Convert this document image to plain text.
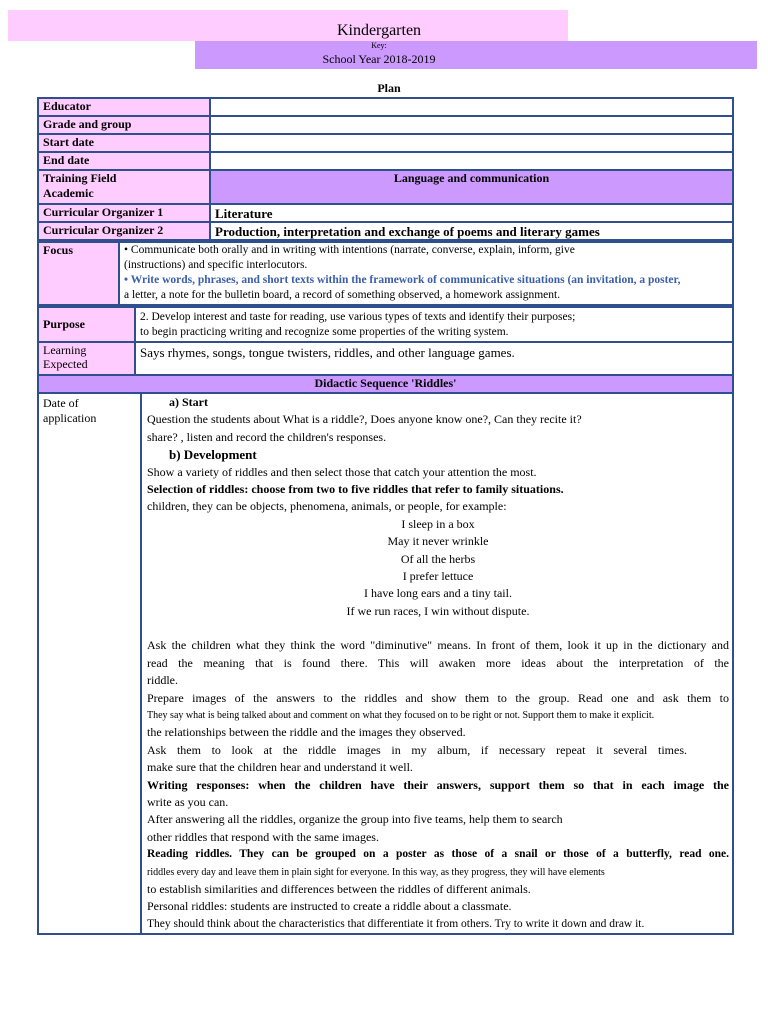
Kindergarten
Key:
School Year 2018-2019
Plan
Educator	
Grade and group	
Start date	
End date	
Training Field
Academic	Language and communication
Curricular Organizer 1	Literature
Curricular Organizer 2	Production, interpretation and exchange of poems and literary games
Focus	• Communicate both orally and in writing with intentions (narrate, converse, explain, inform, give
(instructions) and specific interlocutors.
• Write words, phrases, and short texts within the framework of communicative situations (an invitation, a poster,
a letter, a note for the bulletin board, a record of something observed, a homework assignment.
Purpose	2. Develop interest and taste for reading, use various types of texts and identify their purposes;
to begin practicing writing and recognize some properties of the writing system.
Learning
Expected	Says rhymes, songs, tongue twisters, riddles, and other language games.
Didactic Sequence 'Riddles'
Date of
application	

a) Start

Question the students about What is a riddle?, Does anyone know one?, Can they recite it?

share? , listen and record the children's responses.

b) Development

Show a variety of riddles and then select those that catch your attention the most.

Selection of riddles: choose from two to five riddles that refer to family situations.

children, they can be objects, phenomena, animals, or people, for example:

I sleep in a box

May it never wrinkle

Of all the herbs

I prefer lettuce

I have long ears and a tiny tail.

If we run races, I win without dispute.

Ask the children what they think the word "diminutive" means. In front of them, look it up in the dictionary and

read the meaning that is found there. This will awaken more ideas about the interpretation of the

riddle.

Prepare images of the answers to the riddles and show them to the group. Read one and ask them to

They say what is being talked about and comment on what they focused on to be right or not. Support them to make it explicit.

the relationships between the riddle and the images they observed.

Ask them to look at the riddle images in my album, if necessary repeat it several times.

make sure that the children hear and understand it well.

Writing responses: when the children have their answers, support them so that in each image the

write as you can.

After answering all the riddles, organize the group into five teams, help them to search

other riddles that respond with the same images.

Reading riddles. They can be grouped on a poster as those of a snail or those of a butterfly, read one.

riddles every day and leave them in plain sight for everyone. In this way, as they progress, they will have elements

to establish similarities and differences between the riddles of different animals.

Personal riddles: students are instructed to create a riddle about a classmate.

They should think about the characteristics that differentiate it from others. Try to write it down and draw it.
